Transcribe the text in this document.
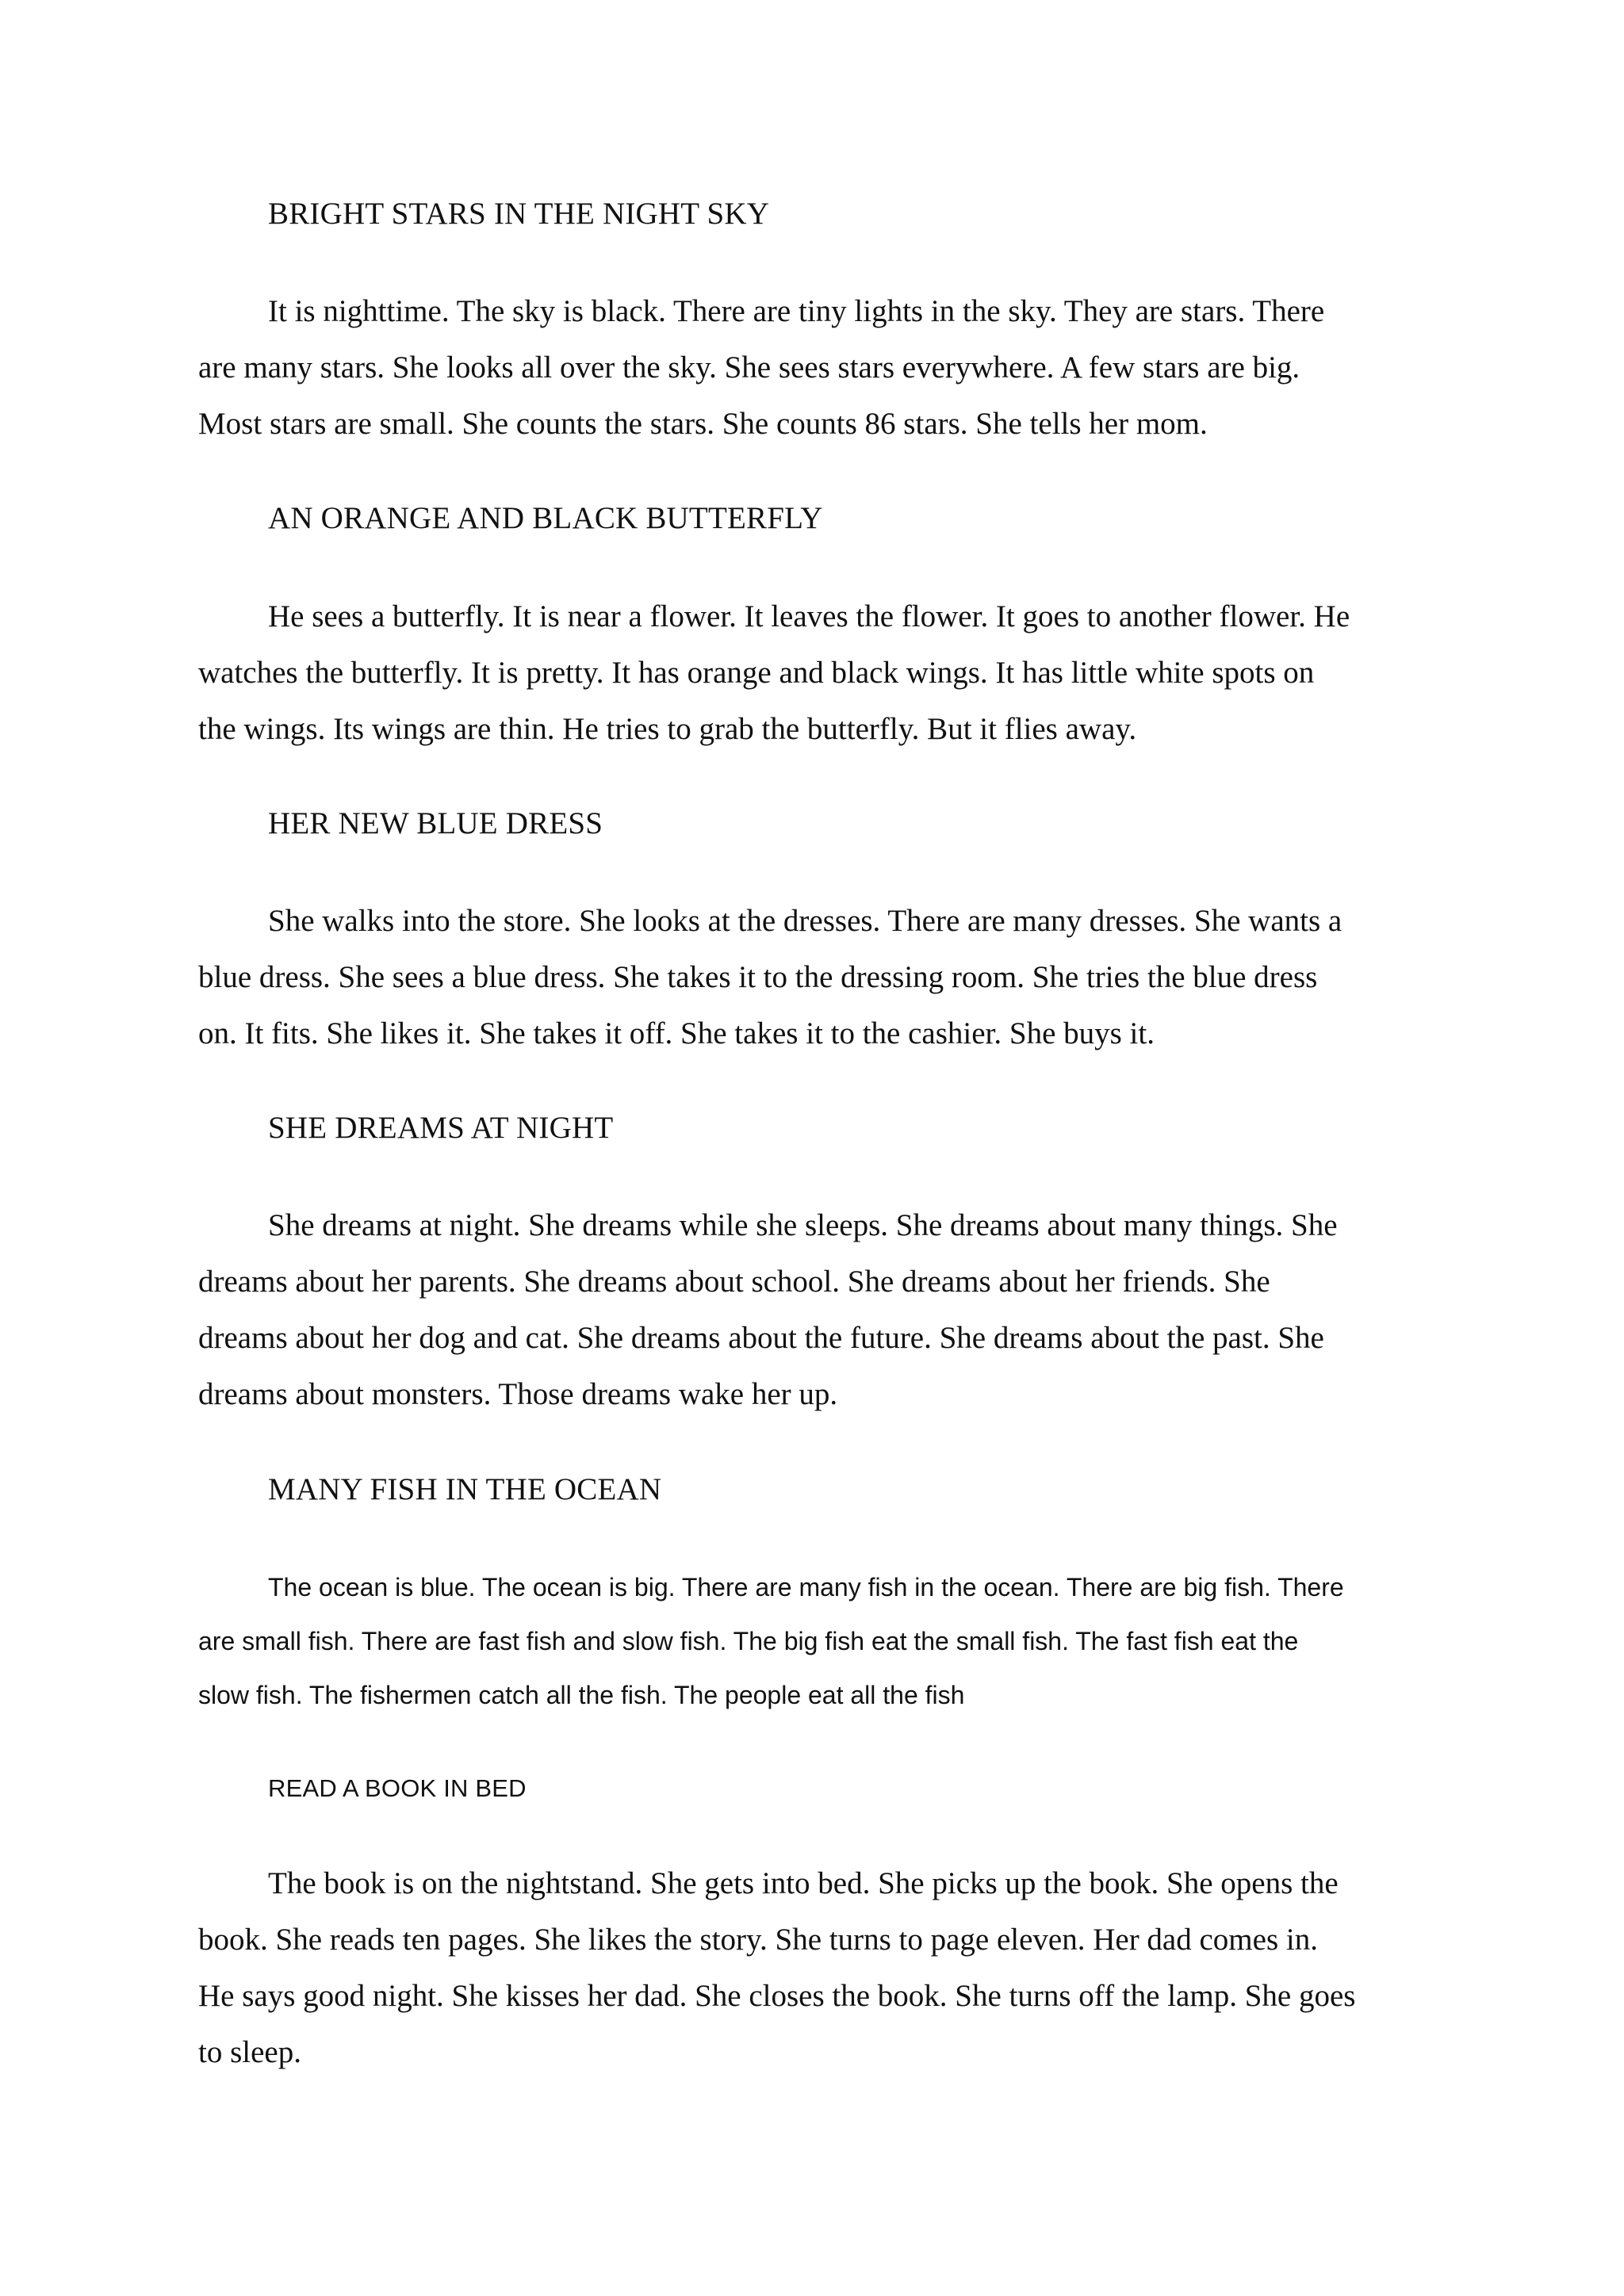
BRIGHT STARS IN THE NIGHT SKY
It is nighttime. The sky is black. There are tiny lights in the sky. They are stars. There
are many stars. She looks all over the sky. She sees stars everywhere. A few stars are big.
Most stars are small. She counts the stars. She counts 86 stars. She tells her mom.
AN ORANGE AND BLACK BUTTERFLY
He sees a butterfly. It is near a flower. It leaves the flower. It goes to another flower. He
watches the butterfly. It is pretty. It has orange and black wings. It has little white spots on
the wings. Its wings are thin. He tries to grab the butterfly. But it flies away.
HER NEW BLUE DRESS
She walks into the store. She looks at the dresses. There are many dresses. She wants a
blue dress. She sees a blue dress. She takes it to the dressing room. She tries the blue dress
on. It fits. She likes it. She takes it off. She takes it to the cashier. She buys it.
SHE DREAMS AT NIGHT
She dreams at night. She dreams while she sleeps. She dreams about many things. She
dreams about her parents. She dreams about school. She dreams about her friends. She
dreams about her dog and cat. She dreams about the future. She dreams about the past. She
dreams about monsters. Those dreams wake her up.
MANY FISH IN THE OCEAN
The ocean is blue. The ocean is big. There are many fish in the ocean. There are big fish. There
are small fish. There are fast fish and slow fish. The big fish eat the small fish. The fast fish eat the
slow fish. The fishermen catch all the fish. The people eat all the fish
READ A BOOK IN BED
The book is on the nightstand. She gets into bed. She picks up the book. She opens the
book. She reads ten pages. She likes the story. She turns to page eleven. Her dad comes in.
He says good night. She kisses her dad. She closes the book. She turns off the lamp. She goes
to sleep.
